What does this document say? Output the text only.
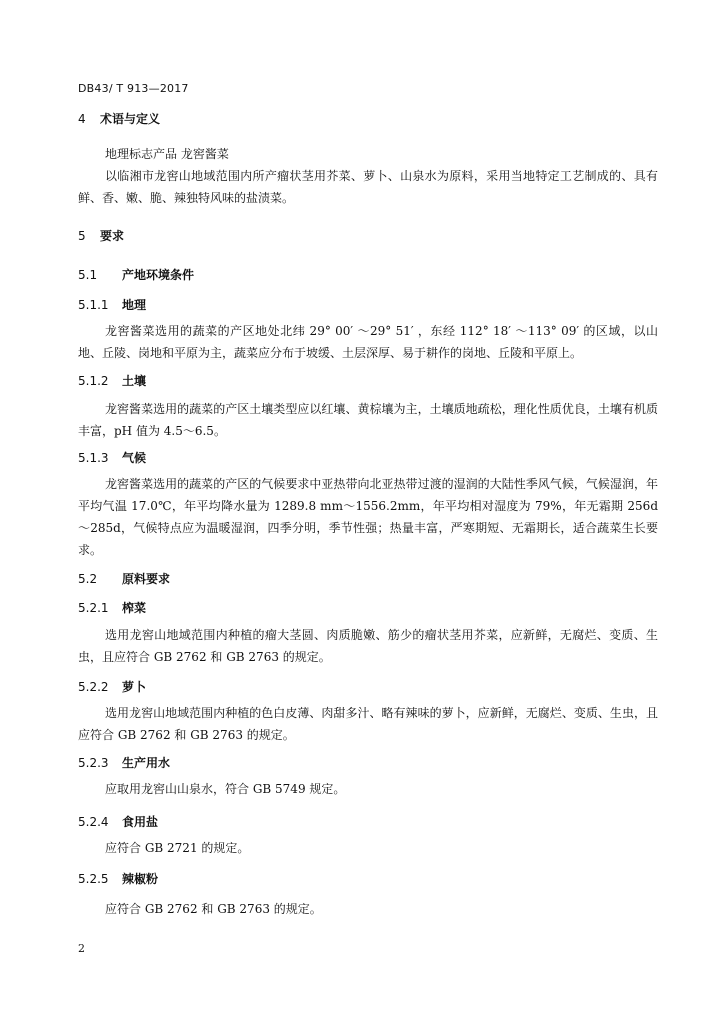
DB43/ T 913—2017
4 术语与定义
地理标志产品 龙窖酱菜
以临湘市龙窖山地域范围内所产瘤状茎用芥菜、萝卜、山泉水为原料，采用当地特定工艺制成的、具有鲜、香、嫩、脆、辣独特风味的盐渍菜。
5 要求
5.1 产地环境条件
5.1.1 地理
龙窖酱菜选用的蔬菜的产区地处北纬 29° 00′ ～29° 51′ ，东经 112° 18′ ～113° 09′ 的区域，以山地、丘陵、岗地和平原为主，蔬菜应分布于坡缓、土层深厚、易于耕作的岗地、丘陵和平原上。
5.1.2 土壤
龙窖酱菜选用的蔬菜的产区土壤类型应以红壤、黄棕壤为主，土壤质地疏松，理化性质优良，土壤有机质丰富，pH 值为 4.5～6.5。
5.1.3 气候
龙窖酱菜选用的蔬菜的产区的气候要求中亚热带向北亚热带过渡的湿润的大陆性季风气候，气候湿润，年平均气温 17.0℃，年平均降水量为 1289.8 mm～1556.2mm，年平均相对湿度为 79%，年无霜期 256d～285d，气候特点应为温暖湿润，四季分明，季节性强；热量丰富，严寒期短、无霜期长，适合蔬菜生长要求。
5.2 原料要求
5.2.1 榨菜
选用龙窖山地域范围内种植的瘤大茎圆、肉质脆嫩、筋少的瘤状茎用芥菜，应新鲜，无腐烂、变质、生虫，且应符合 GB 2762 和 GB 2763 的规定。
5.2.2 萝卜
选用龙窖山地域范围内种植的色白皮薄、肉甜多汁、略有辣味的萝卜，应新鲜，无腐烂、变质、生虫，且应符合 GB 2762 和 GB 2763 的规定。
5.2.3 生产用水
应取用龙窖山山泉水，符合 GB 5749 规定。
5.2.4 食用盐
应符合 GB 2721 的规定。
5.2.5 辣椒粉
应符合 GB 2762 和 GB 2763 的规定。
2
